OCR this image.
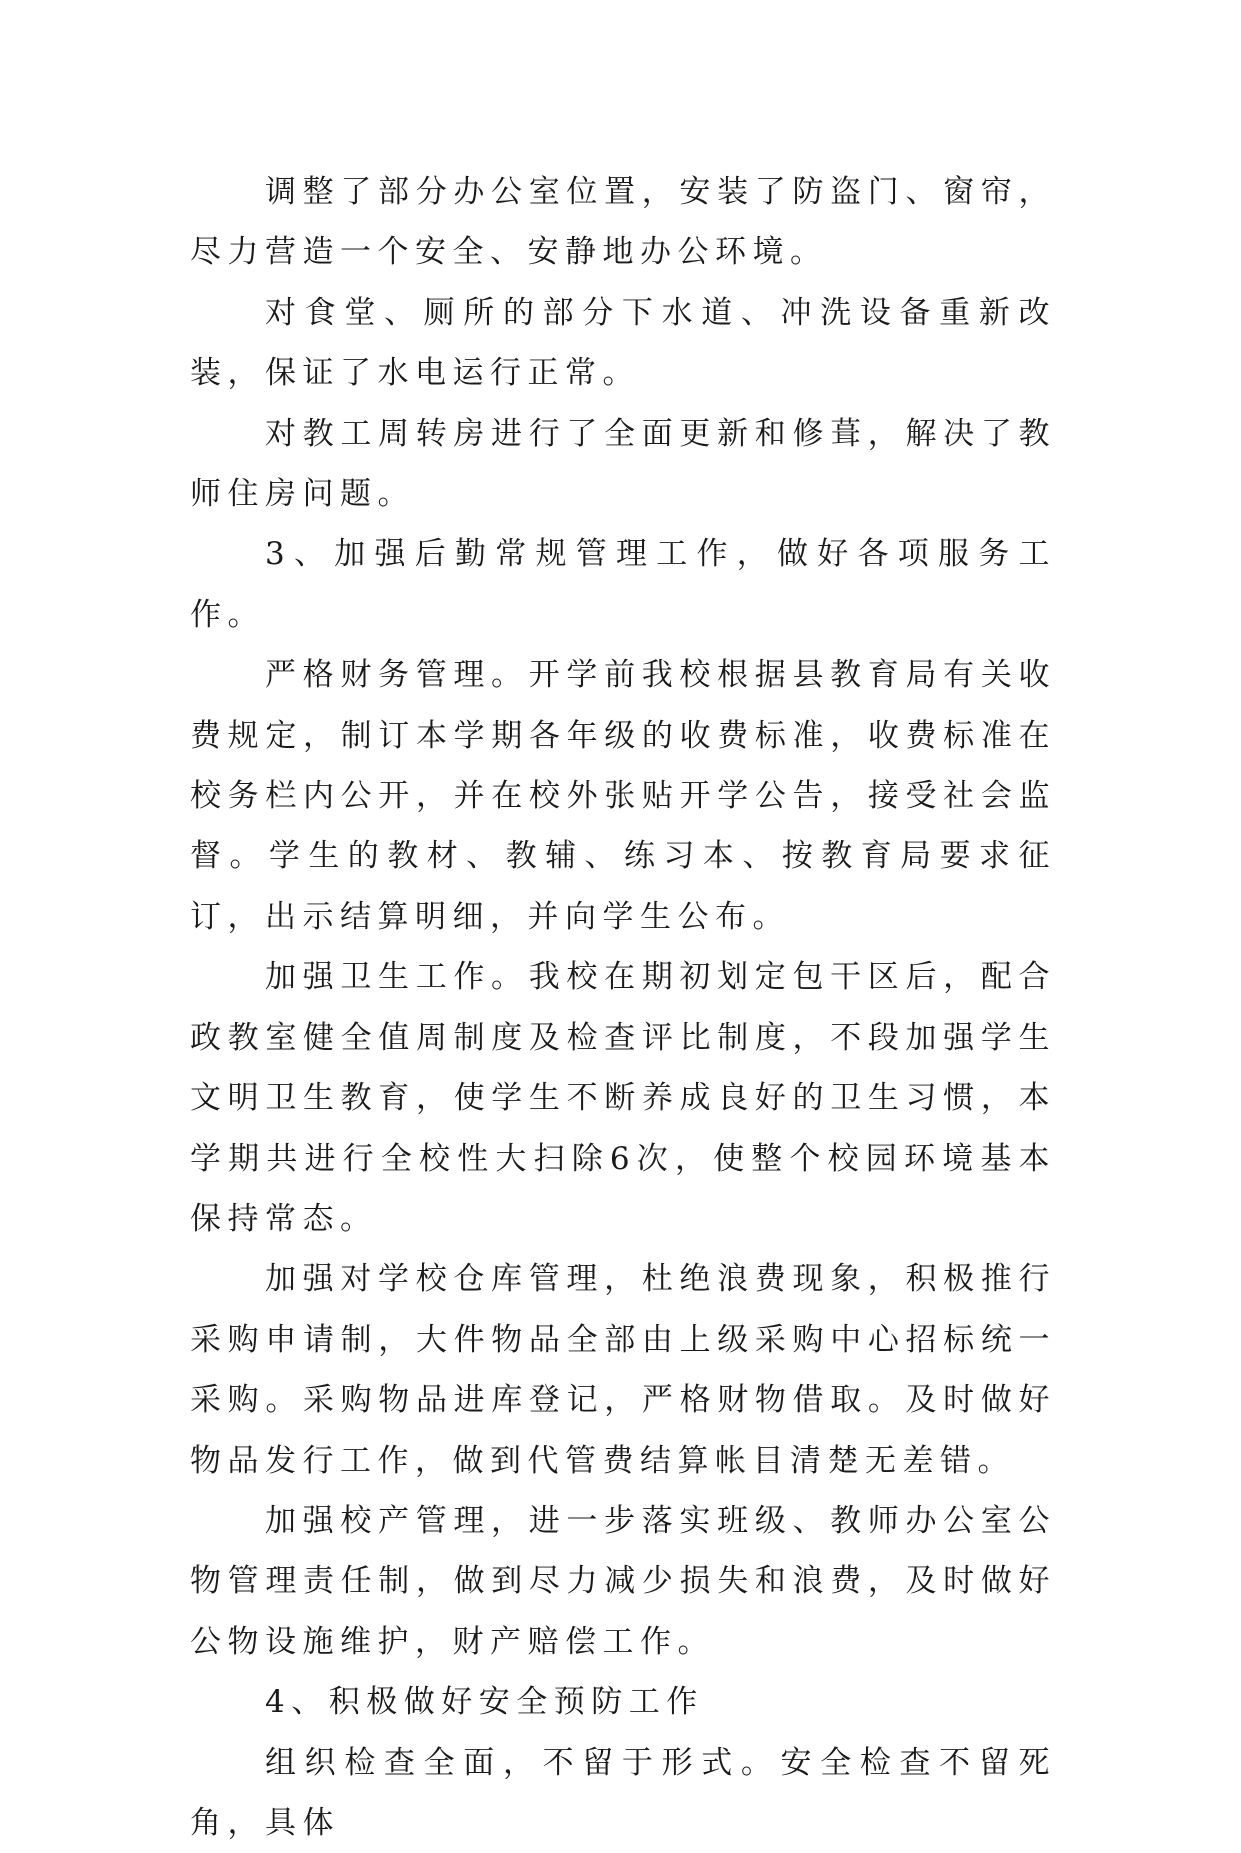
调整了部分办公室位置，安装了防盗门、窗帘，尽力营造一个安全、安静地办公环境。

对食堂、厕所的部分下水道、冲洗设备重新改装，保证了水电运行正常。

对教工周转房进行了全面更新和修葺，解决了教师住房问题。

3、加强后勤常规管理工作，做好各项服务工作。

严格财务管理。开学前我校根据县教育局有关收费规定，制订本学期各年级的收费标准，收费标准在校务栏内公开，并在校外张贴开学公告，接受社会监督。学生的教材、教辅、练习本、按教育局要求征订，出示结算明细，并向学生公布。

加强卫生工作。我校在期初划定包干区后，配合政教室健全值周制度及检查评比制度，不段加强学生文明卫生教育，使学生不断养成良好的卫生习惯，本学期共进行全校性大扫除6次，使整个校园环境基本保持常态。

加强对学校仓库管理，杜绝浪费现象，积极推行采购申请制，大件物品全部由上级采购中心招标统一采购。采购物品进库登记，严格财物借取。及时做好物品发行工作，做到代管费结算帐目清楚无差错。

加强校产管理，进一步落实班级、教师办公室公物管理责任制，做到尽力减少损失和浪费，及时做好公物设施维护，财产赔偿工作。

4、积极做好安全预防工作

组织检查全面，不留于形式。安全检查不留死角，具体
